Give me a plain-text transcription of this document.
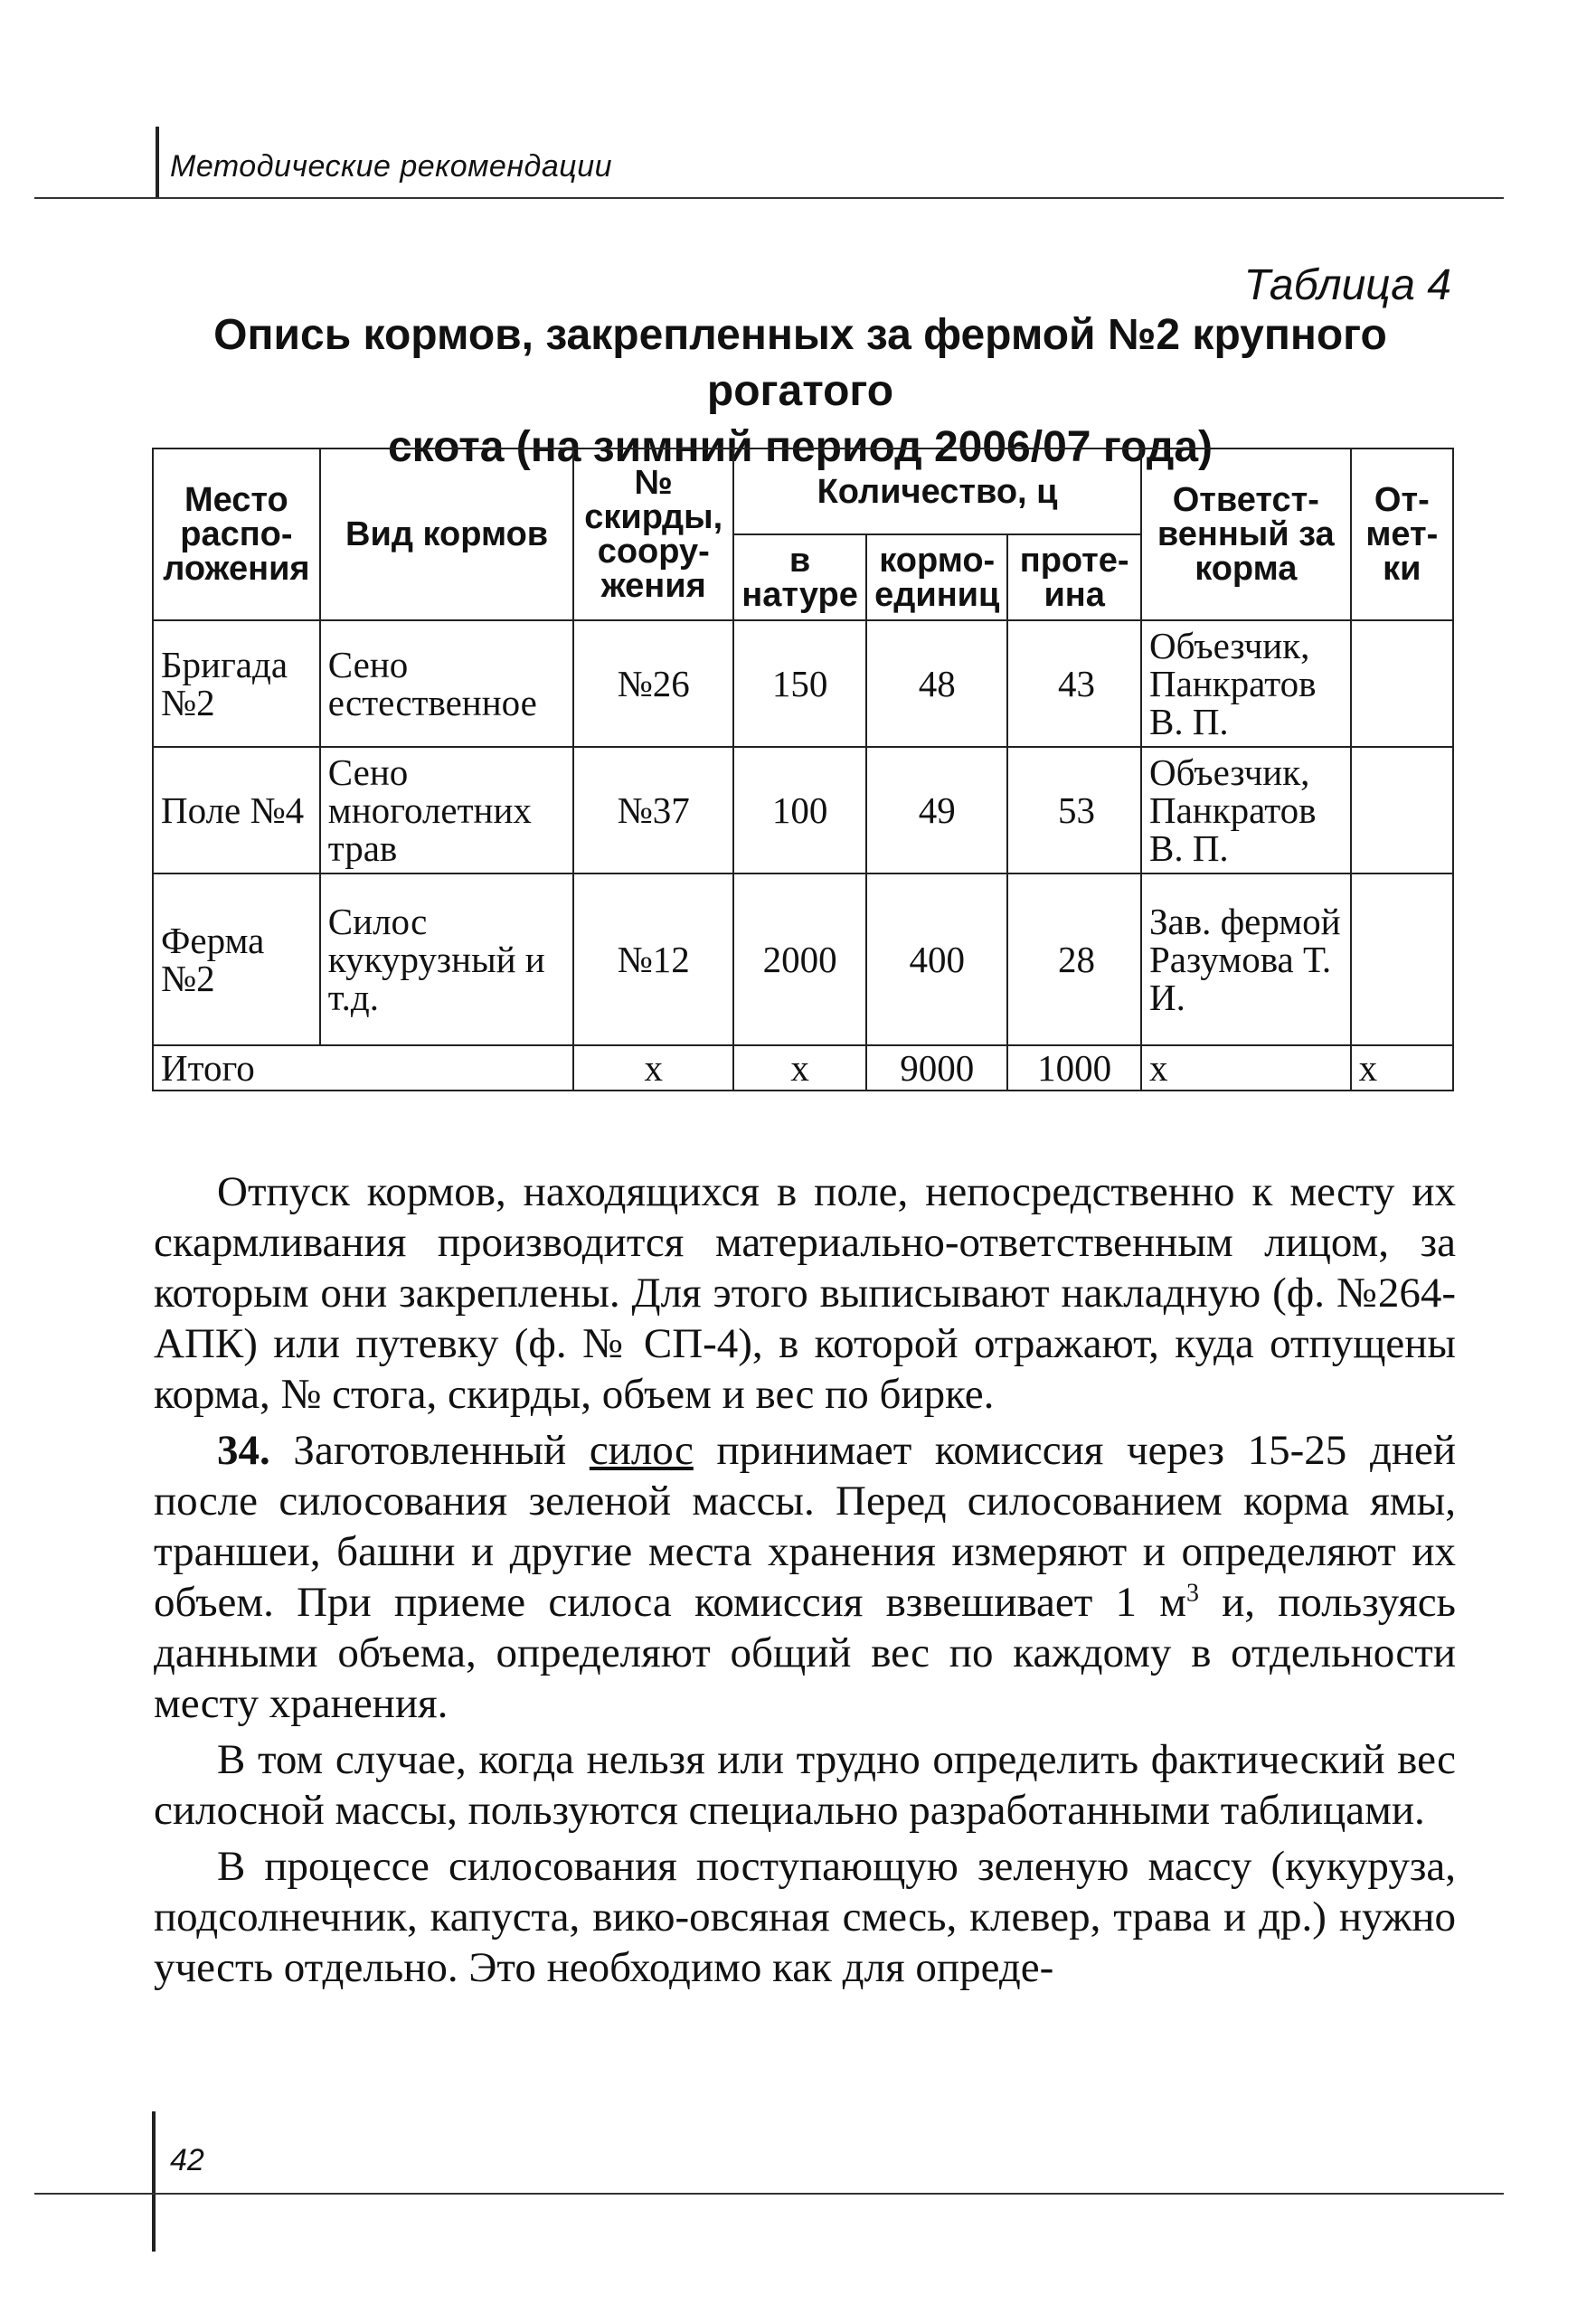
Методические рекомендации
Таблица 4
Опись кормов, закрепленных за фермой №2 крупного рогатого
скота (на зимний период 2006/07 года)
Место распо-ложения	Вид кормов	№ скирды, соору-жения	Количество, ц			Ответст-венный за корма	От-мет-ки
			в натуре	кормо-единиц	проте-ина		
Бригада №2	Сено естественное	№26	150	48	43	Объезчик, Панкратов В. П.	
Поле №4	Сено многолетних трав	№37	100	49	53	Объезчик, Панкратов В. П.	
Ферма №2	Силос кукурузный и т.д.	№12	2000	400	28	Зав. фермой Разумова Т. И.	
Итого		х	х	9000	1000	х	х

Отпуск кормов, находящихся в поле, непосредственно к месту их скармливания производится материально-ответственным лицом, за которым они закреплены. Для этого выписывают накладную (ф. №264-АПК) или путевку (ф. № СП-4), в которой отражают, куда отпущены корма, № стога, скирды, объем и вес по бирке.

34. Заготовленный силос принимает комиссия через 15-25 дней после силосования зеленой массы. Перед силосованием корма ямы, траншеи, башни и другие места хранения измеряют и определяют их объем. При приеме силоса комиссия взвешивает 1 $м^3$ и, пользуясь данными объема, определяют общий вес по каждому в отдельности месту хранения.

В том случае, когда нельзя или трудно определить фактический вес силосной массы, пользуются специально разработанными таблицами.

В процессе силосования поступающую зеленую массу (кукуруза, подсолнечник, капуста, вико-овсяная смесь, клевер, трава и др.) нужно учесть отдельно. Это необходимо как для опреде-

42
